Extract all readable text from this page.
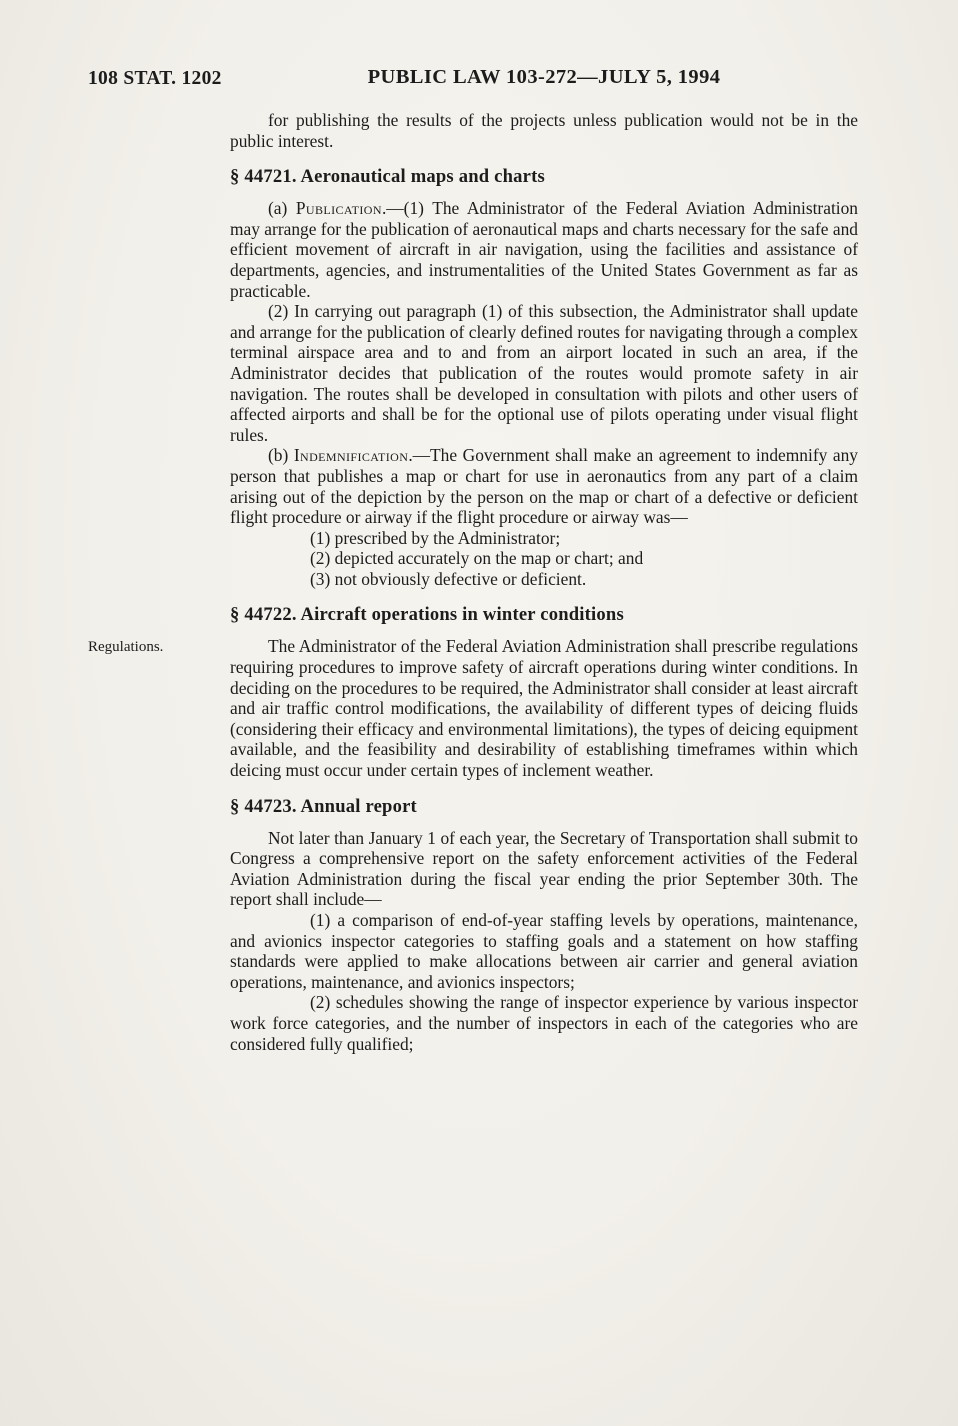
108 STAT. 1202	PUBLIC LAW 103-272—JULY 5, 1994

for publishing the results of the projects unless publication would not be in the public interest.

§ 44721. Aeronautical maps and charts

(a) Publication.—(1) The Administrator of the Federal Aviation Administration may arrange for the publication of aeronautical maps and charts necessary for the safe and efficient movement of aircraft in air navigation, using the facilities and assistance of departments, agencies, and instrumentalities of the United States Government as far as practicable.

(2) In carrying out paragraph (1) of this subsection, the Administrator shall update and arrange for the publication of clearly defined routes for navigating through a complex terminal airspace area and to and from an airport located in such an area, if the Administrator decides that publication of the routes would promote safety in air navigation. The routes shall be developed in consultation with pilots and other users of affected airports and shall be for the optional use of pilots operating under visual flight rules.

(b) Indemnification.—The Government shall make an agreement to indemnify any person that publishes a map or chart for use in aeronautics from any part of a claim arising out of the depiction by the person on the map or chart of a defective or deficient flight procedure or airway if the flight procedure or airway was—

(1) prescribed by the Administrator;

(2) depicted accurately on the map or chart; and

(3) not obviously defective or deficient.

§ 44722. Aircraft operations in winter conditions

Regulations.	The Administrator of the Federal Aviation Administration shall prescribe regulations requiring procedures to improve safety of aircraft operations during winter conditions. In deciding on the procedures to be required, the Administrator shall consider at least aircraft and air traffic control modifications, the availability of different types of deicing fluids (considering their efficacy and environmental limitations), the types of deicing equipment available, and the feasibility and desirability of establishing timeframes within which deicing must occur under certain types of inclement weather.

§ 44723. Annual report

Not later than January 1 of each year, the Secretary of Transportation shall submit to Congress a comprehensive report on the safety enforcement activities of the Federal Aviation Administration during the fiscal year ending the prior September 30th. The report shall include—

(1) a comparison of end-of-year staffing levels by operations, maintenance, and avionics inspector categories to staffing goals and a statement on how staffing standards were applied to make allocations between air carrier and general aviation operations, maintenance, and avionics inspectors;

(2) schedules showing the range of inspector experience by various inspector work force categories, and the number of inspectors in each of the categories who are considered fully qualified;
